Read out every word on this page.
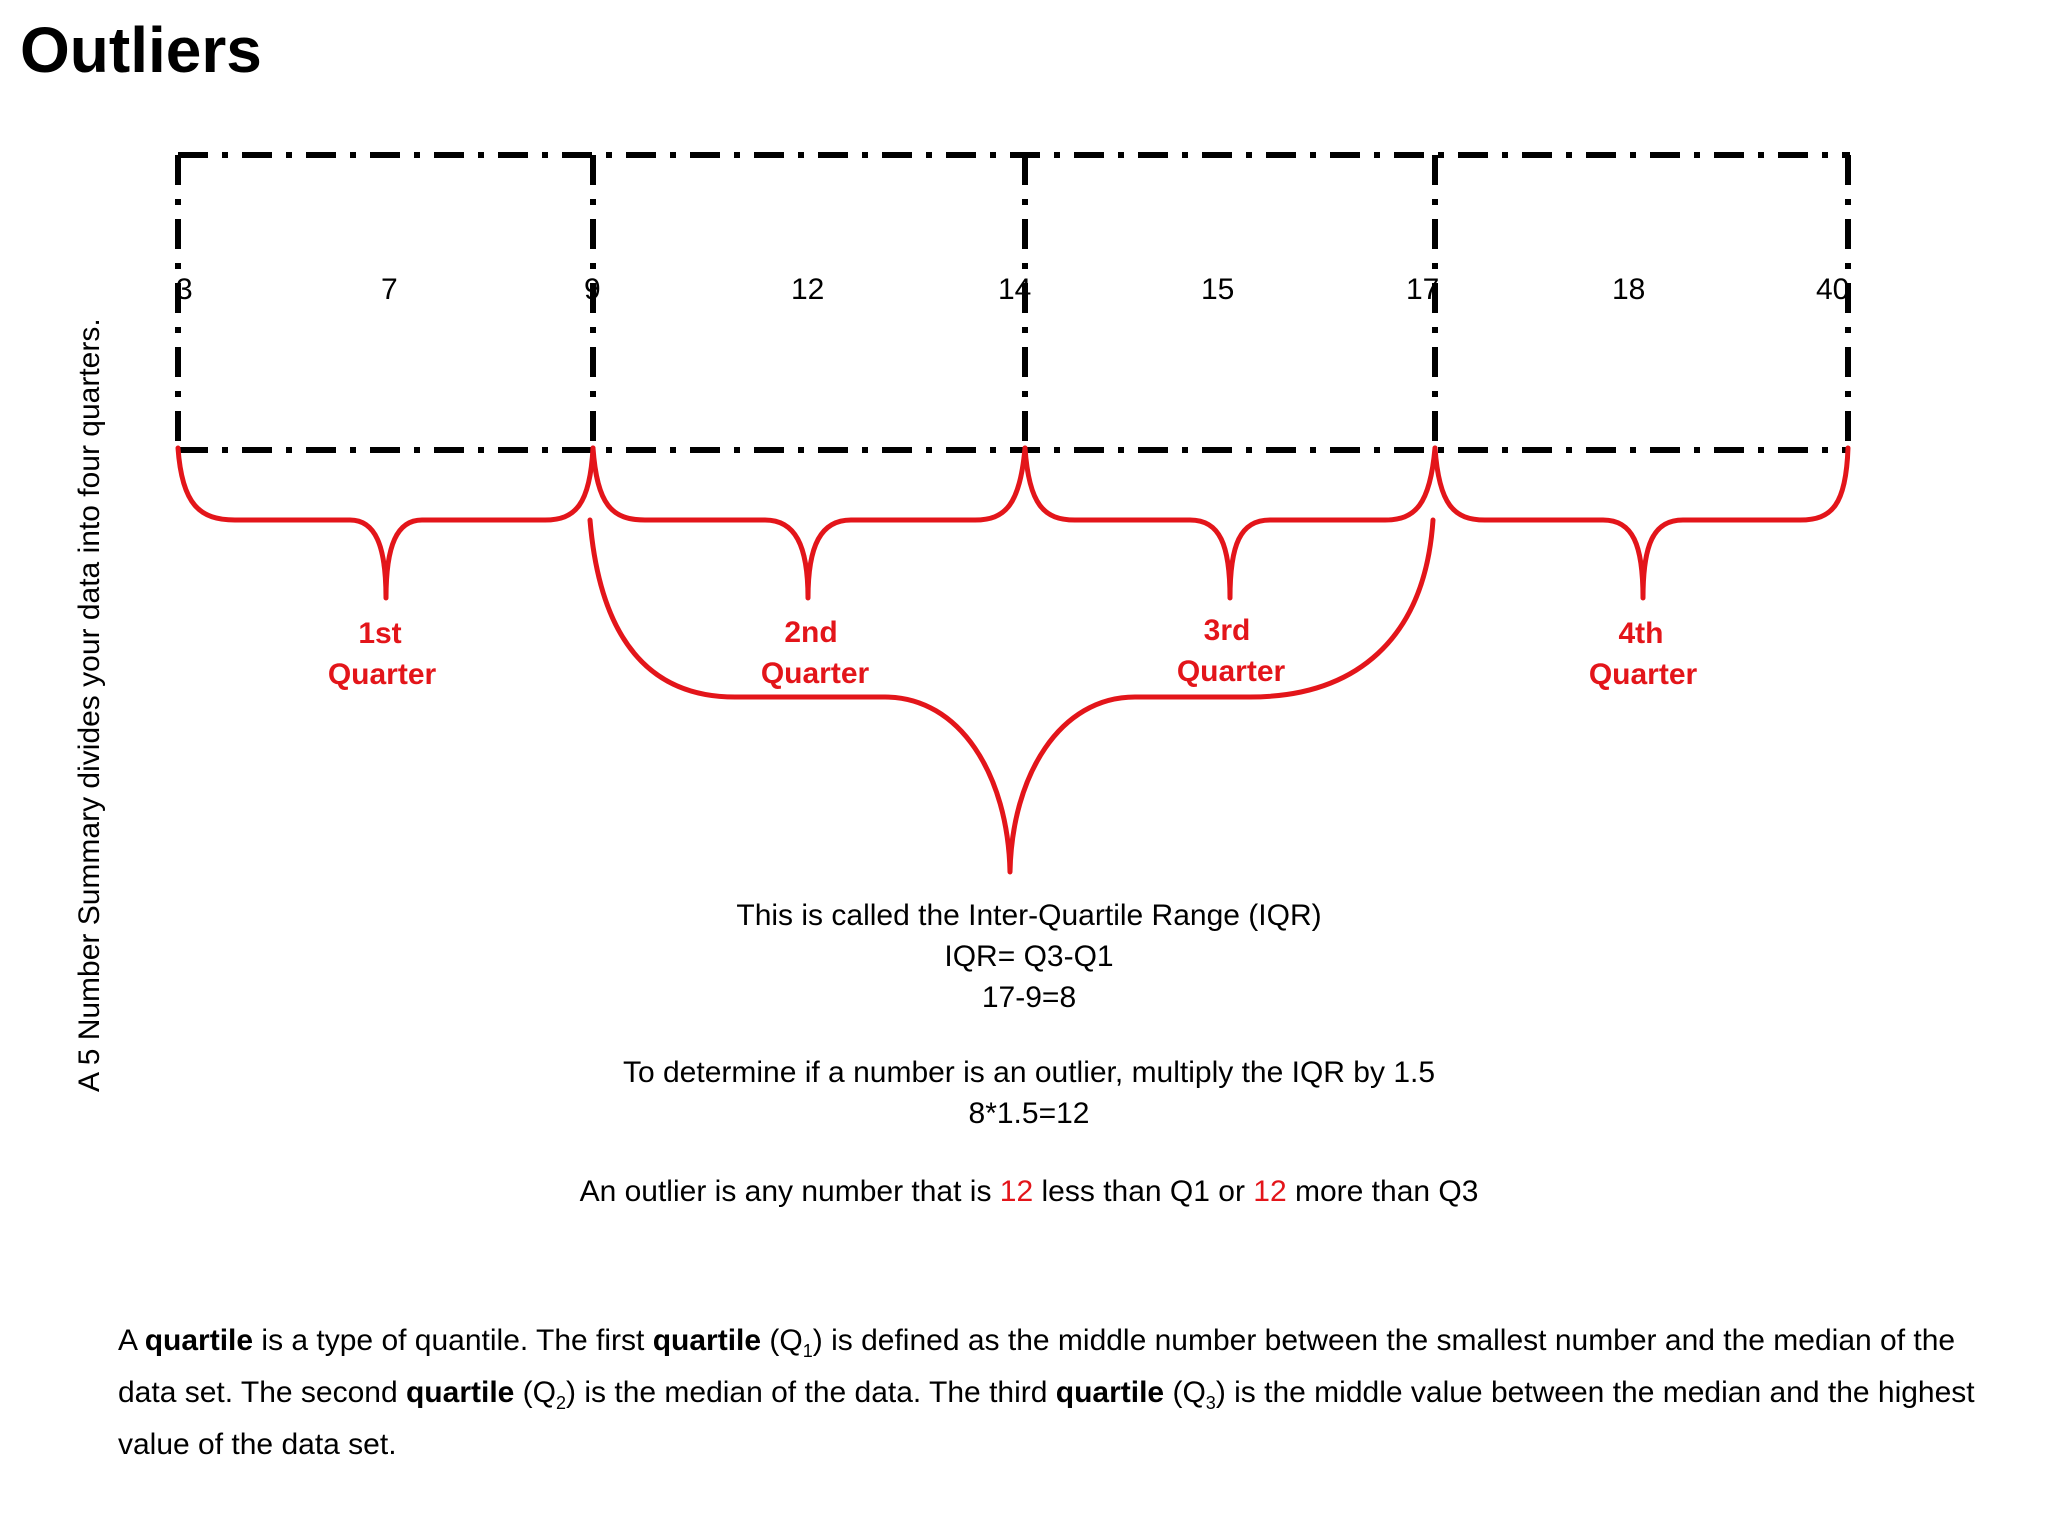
Outliers
A 5 Number Summary divides your data into four quarters.
3	7	9	12	14	15	17	18	40
1st
Quarter
2nd
Quarter
3rd
Quarter
4th
Quarter
This is called the Inter-Quartile Range (IQR)
IQR= Q3-Q1
17-9=8
To determine if a number is an outlier, multiply the IQR by 1.5
8*1.5=12
An outlier is any number that is 12 less than Q1 or 12 more than Q3
A quartile is a type of quantile. The first quartile $(Q_1)$ is defined as the middle number between the smallest number and the median of the data set. The second quartile $(Q_2)$ is the median of the data. The third quartile $(Q_3)$ is the middle value between the median and the highest value of the data set.
